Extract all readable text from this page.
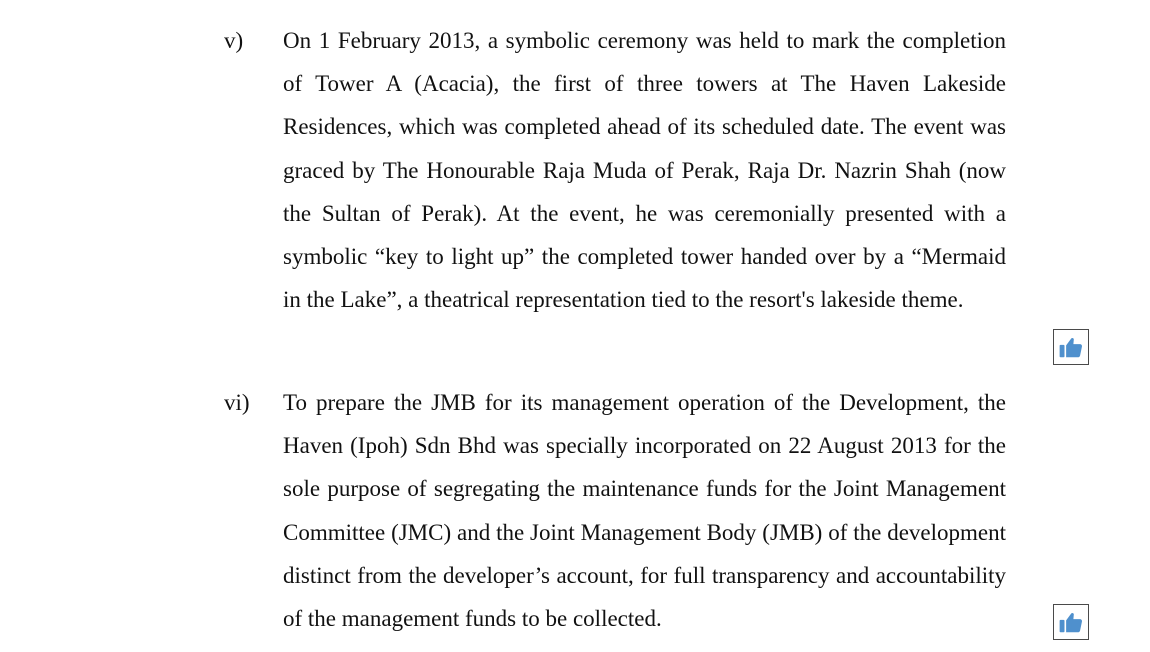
v) On 1 February 2013, a symbolic ceremony was held to mark the completion of Tower A (Acacia), the first of three towers at The Haven Lakeside Residences, which was completed ahead of its scheduled date. The event was graced by The Honourable Raja Muda of Perak, Raja Dr. Nazrin Shah (now the Sultan of Perak). At the event, he was ceremonially presented with a symbolic “key to light up” the completed tower handed over by a “Mermaid in the Lake”, a theatrical representation tied to the resort's lakeside theme.
vi) To prepare the JMB for its management operation of the Development, the Haven (Ipoh) Sdn Bhd was specially incorporated on 22 August 2013 for the sole purpose of segregating the maintenance funds for the Joint Management Committee (JMC) and the Joint Management Body (JMB) of the development distinct from the developer’s account, for full transparency and accountability of the management funds to be collected.
